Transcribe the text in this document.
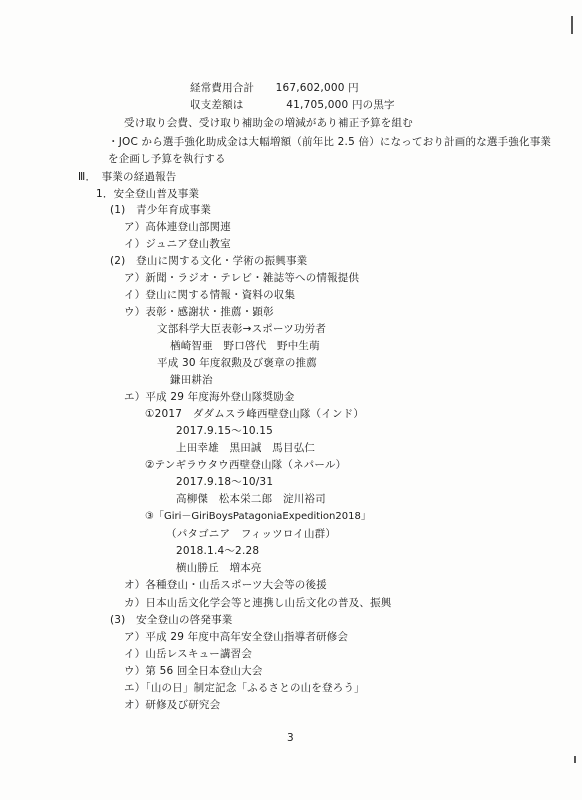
経常費用合計　　167,602,000 円
収支差額は　　　　41,705,000 円の黒字
受け取り会費、受け取り補助金の増減があり補正予算を組む
・JOC から選手強化助成金は大幅増額（前年比 2.5 倍）になっており計画的な選手強化事業
を企画し予算を執行する
Ⅲ．　事業の経過報告
1．安全登山普及事業
(1)　青少年育成事業
ア）高体連登山部関連
イ）ジュニア登山教室
(2)　登山に関する文化・学術の振興事業
ア）新聞・ラジオ・テレビ・雑誌等への情報提供
イ）登山に関する情報・資料の収集
ウ）表彰・感謝状・推薦・顕彰
文部科学大臣表彰→スポーツ功労者
楢崎智亜　野口啓代　野中生萌
平成 30 年度叙勲及び褒章の推薦
鎌田耕治
エ）平成 29 年度海外登山隊奨励金
①2017　ダダムスラ峰西壁登山隊（インド）
2017.9.15～10.15
上田幸雄　黒田誠　馬目弘仁
②テンギラウタウ西壁登山隊（ネパール）
2017.9.18～10/31
高柳傑　松本栄二郎　淀川裕司
③「Giri－GiriBoysPatagoniaExpedition2018」
（パタゴニア　フィッツロイ山群）
2018.1.4～2.28
横山勝丘　増本亮
オ）各種登山・山岳スポーツ大会等の後援
カ）日本山岳文化学会等と連携し山岳文化の普及、振興
(3)　安全登山の啓発事業
ア）平成 29 年度中高年安全登山指導者研修会
イ）山岳レスキュー講習会
ウ）第 56 回全日本登山大会
エ）「山の日」制定記念「ふるさとの山を登ろう」
オ）研修及び研究会
3
